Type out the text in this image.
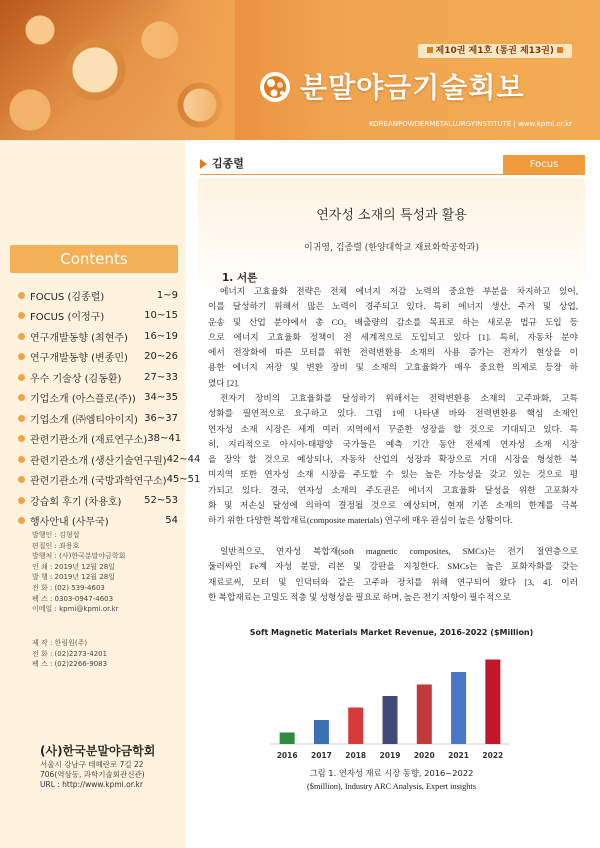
제10권 제1호 (통권 제13권)
분말야금기술회보
KOREANPOWDERMETALLURGYINSTITUTE | www.kpmi.or.kr
Contents
FOCUS (김종렬)	1~9
FOCUS (이정구)	10~15
연구개발동향 (최현주)	16~19
연구개발동향 (변종민)	20~26
우수 기술상 (김동환)	27~33
기업소개 (아스플로(주)) 34~35
기업소개 (㈜엠티아이지) 36~37
관련기관소개 (재료연구소) 38~41
관련기관소개 (생산기술연구원) 42~44
관련기관소개 (국방과학연구소) 45~51
강습회 후기 (차용호)	52~53
행사안내 (사무국)	54
발행인 : 김형섭
편집인 : 좌용호
발행처 : (사)한국분말야금학회
인 쇄 : 2019년 12월 28일
발 행 : 2019년 12월 28일
전 화 : (02) 539-4603
팩 스 : 0303-0947-4603
이메일 : kpmi@kpmi.or.kr
제 작 : 한림원(주)
전 화 : (02)2273-4201
팩 스 : (02)2266-9083
(사)한국분말야금학회
서울시 강남구 테헤란로 7길 22
706(역삼동, 과학기술회관신관)
URL : http://www.kpmi.or.kr
김종렬	Focus
연자성 소재의 특성과 활용
이귀영, 김종렬 (한양대학교 재료화학공학과)
1. 서론
에너지 고효율화 전략은 전체 에너지 저감 노력의 중요한 부분을 차지하고 있어,
이를 달성하기 위해서 많은 노력이 경주되고 있다. 특히 에너지 생산, 주거 및 상업,
운송 및 산업 분야에서 총 CO₂ 배출량의 감소를 목표로 하는 새로운 법규 도입 등
으로 에너지 고효율화 정책이 전 세계적으로 도입되고 있다 [1]. 특히, 자동차 분야
에서 전장화에 따른 모터를 위한 전력변환용 소재의 사용 증가는 전자기 현상을 이
용한 에너지 저장 및 변환 장비 및 소재의 고효율화가 매우 중요한 의제로 등장 하
였다 [2].
전자기 장비의 고효율화를 달성하기 위해서는 전력변환용 소재의 고주파화, 고특
성화를 필연적으로 요구하고 있다. 그림 1에 나타낸 바와 전력변환용 핵심 소재인
연자성 소재 시장은 세계 여러 지역에서 꾸준한 성장을 할 것으로 기대되고 있다. 특
히, 지리적으로 아시아-태평양 국가들은 예측 기간 동안 전세계 연자성 소재 시장
을 장악 할 것으로 예상되나, 자동차 산업의 성장과 확장으로 거대 시장을 형성한 북
미지역 또한 연자성 소재 시장을 주도할 수 있는 높은 가능성을 갖고 있는 것으로 평
가되고 있다. 결국, 연자성 소재의 주도권은 에너지 고효율화 달성을 위한 고포화자
화 및 저손실 달성에 의하여 결정될 것으로 예상되며, 현재 기존 소재의 한계를 극복
하기 위한 다양한 복합재료(composite materials) 연구에 매우 관심이 높은 상황이다.
일반적으로, 연자성 복합재(soft magnetic composites, SMCs)는 전기 절연층으로
둘러싸인 Fe계 자성 분말, 리본 및 강판을 지칭한다. SMCs는 높은 포화자화를 갖는
재료로써, 모터 및 인덕터와 같은 고주파 장치를 위해 연구되어 왔다 [3, 4]. 이러
한 복합재료는 고밀도 적층 및 성형성을 필요로 하며, 높은 전기 저항이 필수적으로
Soft Magnetic Materials Market Revenue, 2016-2022 ($Million)
2016 2017 2018 2019 2020 2021 2022
그림 1. 연자성 재료 시장 동향, 2016~2022
($million), Industry ARC Analysis, Expert insights
